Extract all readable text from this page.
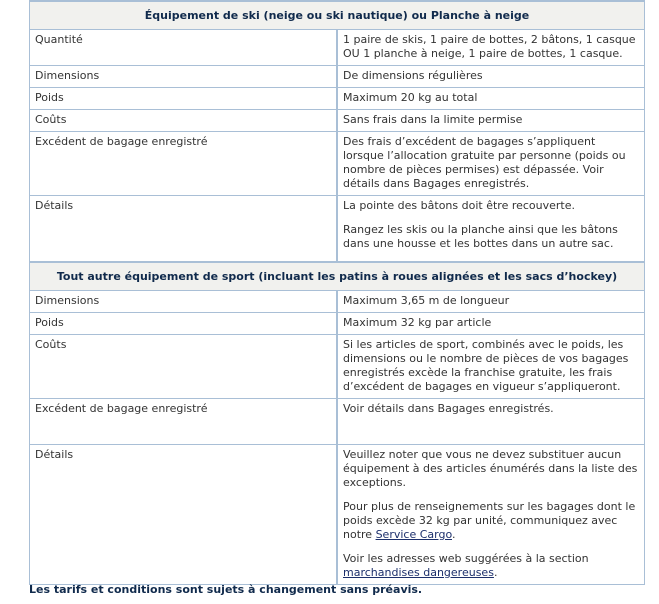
Équipement de ski (neige ou ski nautique) ou Planche à neige	
Quantité	1 paire de skis, 1 paire de bottes, 2 bâtons, 1 casque OU 1 planche à neige, 1 paire de bottes, 1 casque.
Dimensions	De dimensions régulières
Poids	Maximum 20 kg au total
Coûts	Sans frais dans la limite permise
Excédent de bagage enregistré	Des frais d’excédent de bagages s’appliquent lorsque l’allocation gratuite par personne (poids ou nombre de pièces permises) est dépassée. Voir détails dans Bagages enregistrés.
Détails	La pointe des bâtons doit être recouverte.

Rangez les skis ou la planche ainsi que les bâtons dans une housse et les bottes dans un autre sac.

Tout autre équipement de sport (incluant les patins à roues alignées et les sacs d’hockey)	
Dimensions	Maximum 3,65 m de longueur
Poids	Maximum 32 kg par article
Coûts	Si les articles de sport, combinés avec le poids, les dimensions ou le nombre de pièces de vos bagages enregistrés excède la franchise gratuite, les frais d’excédent de bagages en vigueur s’appliqueront.
Excédent de bagage enregistré	Voir détails dans Bagages enregistrés.
Détails	Veuillez noter que vous ne devez substituer aucun équipement à des articles énumérés dans la liste des exceptions.

Pour plus de renseignements sur les bagages dont le poids excède 32 kg par unité, communiquez avec notre Service Cargo.

Voir les adresses web suggérées à la section marchandises dangereuses.

Les tarifs et conditions sont sujets à changement sans préavis.
